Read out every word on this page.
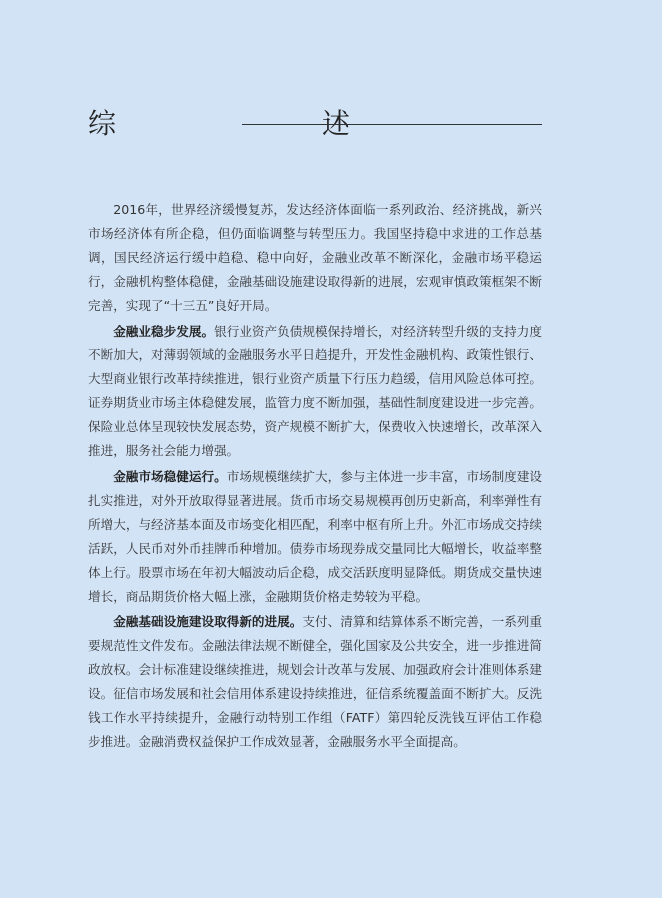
综　　述

2016年，世界经济缓慢复苏，发达经济体面临一系列政治、经济挑战，新兴市场经济体有所企稳，但仍面临调整与转型压力。我国坚持稳中求进的工作总基调，国民经济运行缓中趋稳、稳中向好，金融业改革不断深化，金融市场平稳运行，金融机构整体稳健，金融基础设施建设取得新的进展，宏观审慎政策框架不断完善，实现了“十三五”良好开局。

金融业稳步发展。银行业资产负债规模保持增长，对经济转型升级的支持力度不断加大，对薄弱领域的金融服务水平日趋提升，开发性金融机构、政策性银行、大型商业银行改革持续推进，银行业资产质量下行压力趋缓，信用风险总体可控。证券期货业市场主体稳健发展，监管力度不断加强，基础性制度建设进一步完善。保险业总体呈现较快发展态势，资产规模不断扩大，保费收入快速增长，改革深入推进，服务社会能力增强。

金融市场稳健运行。市场规模继续扩大，参与主体进一步丰富，市场制度建设扎实推进，对外开放取得显著进展。货币市场交易规模再创历史新高，利率弹性有所增大，与经济基本面及市场变化相匹配，利率中枢有所上升。外汇市场成交持续活跃，人民币对外币挂牌币种增加。债券市场现券成交量同比大幅增长，收益率整体上行。股票市场在年初大幅波动后企稳，成交活跃度明显降低。期货成交量快速增长，商品期货价格大幅上涨，金融期货价格走势较为平稳。

金融基础设施建设取得新的进展。支付、清算和结算体系不断完善，一系列重要规范性文件发布。金融法律法规不断健全，强化国家及公共安全，进一步推进简政放权。会计标准建设继续推进，规划会计改革与发展、加强政府会计准则体系建设。征信市场发展和社会信用体系建设持续推进，征信系统覆盖面不断扩大。反洗钱工作水平持续提升，金融行动特别工作组（FATF）第四轮反洗钱互评估工作稳步推进。金融消费权益保护工作成效显著，金融服务水平全面提高。
